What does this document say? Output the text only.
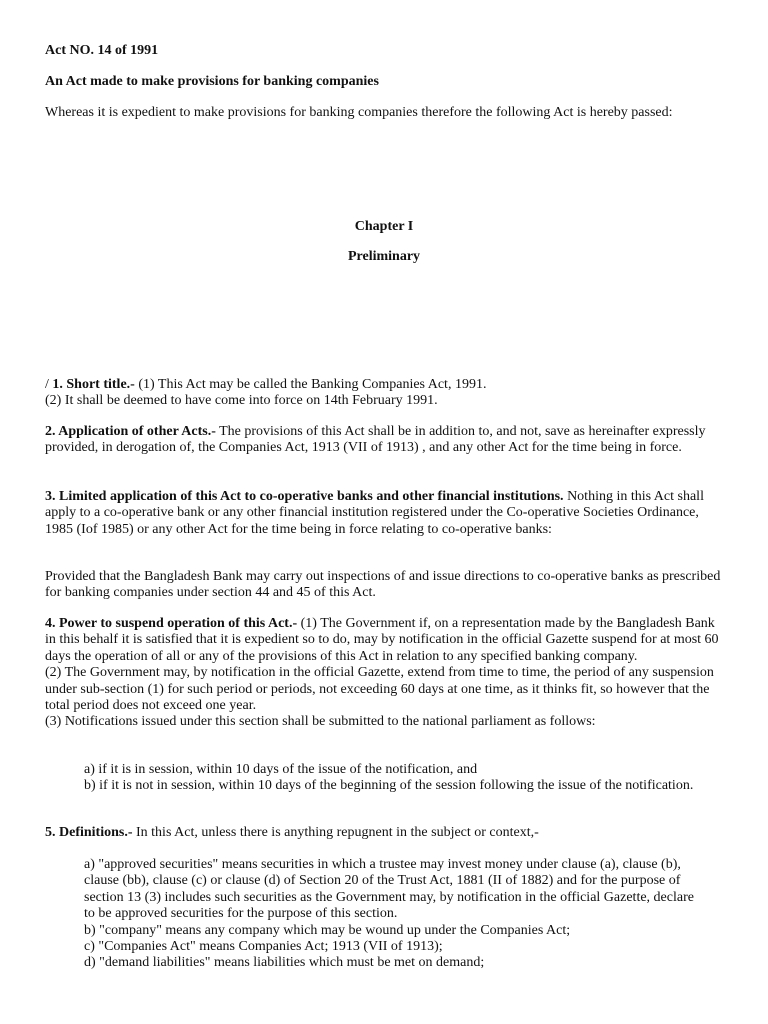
Act NO. 14 of 1991

An Act made to make provisions for banking companies

Whereas it is expedient to make provisions for banking companies therefore the following Act is hereby passed:

Chapter I

Preliminary

/ 1. Short title.- (1) This Act may be called the Banking Companies Act, 1991.
(2) It shall be deemed to have come into force on 14th February 1991.
2. Application of other Acts.- The provisions of this Act shall be in addition to, and not, save as hereinafter expressly provided, in derogation of, the Companies Act, 1913 (VII of 1913) , and any other Act for the time being in force.
3. Limited application of this Act to co-operative banks and other financial institutions. Nothing in this Act shall apply to a co-operative bank or any other financial institution registered under the Co-operative Societies Ordinance, 1985 (Iof 1985) or any other Act for the time being in force relating to co-operative banks:

Provided that the Bangladesh Bank may carry out inspections of and issue directions to co-operative banks as prescribed for banking companies under section 44 and 45 of this Act.

4. Power to suspend operation of this Act.- (1) The Government if, on a representation made by the Bangladesh Bank in this behalf it is satisfied that it is expedient so to do, may by notification in the official Gazette suspend for at most 60 days the operation of all or any of the provisions of this Act in relation to any specified banking company.
(2) The Government may, by notification in the official Gazette, extend from time to time, the period of any suspension under sub-section (1) for such period or periods, not exceeding 60 days at one time, as it thinks fit, so however that the total period does not exceed one year.
(3) Notifications issued under this section shall be submitted to the national parliament as follows:
a) if it is in session, within 10 days of the issue of the notification, and
b) if it is not in session, within 10 days of the beginning of the session following the issue of the notification.
5. Definitions.- In this Act, unless there is anything repugnent in the subject or context,-
a) "approved securities" means securities in which a trustee may invest money under clause (a), clause (b), clause (bb), clause (c) or clause (d) of Section 20 of the Trust Act, 1881 (II of 1882) and for the purpose of section 13 (3) includes such securities as the Government may, by notification in the official Gazette, declare to be approved securities for the purpose of this section.
b) "company" means any company which may be wound up under the Companies Act;
c) "Companies Act" means Companies Act; 1913 (VII of 1913);
d) "demand liabilities" means liabilities which must be met on demand;
